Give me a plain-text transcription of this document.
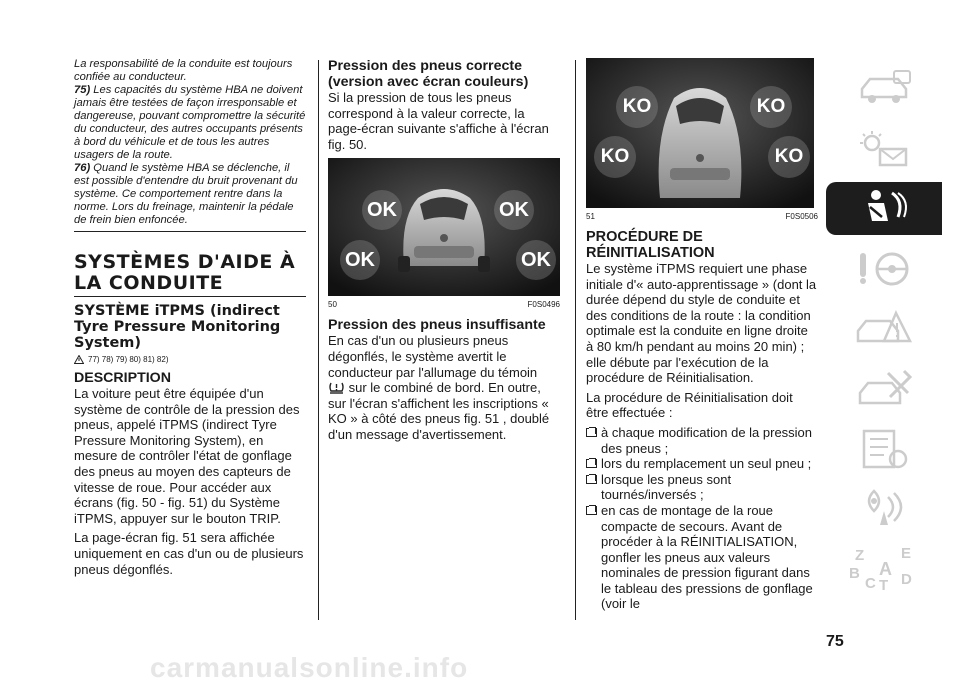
La responsabilité de la conduite est toujours confiée au conducteur.

75) Les capacités du système HBA ne doivent jamais être testées de façon irresponsable et dangereuse, pouvant compromettre la sécurité du conducteur, des autres occupants présents à bord du véhicule et de tous les autres usagers de la route.

76) Quand le système HBA se déclenche, il est possible d'entendre du bruit provenant du système. Ce comportement rentre dans la norme. Lors du freinage, maintenir la pédale de frein bien enfoncée.

SYSTÈMES D'AIDE À LA CONDUITE

SYSTÈME iTPMS (indirect Tyre Pressure Monitoring System)

77) 78) 79) 80) 81) 82)

DESCRIPTION

La voiture peut être équipée d'un système de contrôle de la pression des pneus, appelé iTPMS (indirect Tyre Pressure Monitoring System), en mesure de contrôler l'état de gonflage des pneus au moyen des capteurs de vitesse de roue. Pour accéder aux écrans (fig. 50 - fig. 51) du Système iTPMS, appuyer sur le bouton TRIP.

La page-écran fig. 51 sera affichée uniquement en cas d'un ou de plusieurs pneus dégonflés.

Pression des pneus correcte (version avec écran couleurs)

Si la pression de tous les pneus correspond à la valeur correcte, la page-écran suivante s'affiche à l'écran fig. 50.

OK	OK
OK	OK
50	F0S0496

Pression des pneus insuffisante

En cas d'un ou plusieurs pneus dégonflés, le système avertit le conducteur par l'allumage du témoin
sur le combiné de bord. En outre, sur l'écran s'affichent les inscriptions « KO » à côté des pneus fig. 51 , doublé d'un message d'avertissement.

KO	KO
KO	KO
51	F0S0506

PROCÉDURE DE RÉINITIALISATION

Le système iTPMS requiert une phase initiale d'« auto-apprentissage » (dont la durée dépend du style de conduite et des conditions de la route : la condition optimale est la conduite en ligne droite à 80 km/h pendant au moins 20 min) ; elle débute par l'exécution de la procédure de Réinitialisation.

La procédure de Réinitialisation doit être effectuée :

à chaque modification de la pression des pneus ;
lors du remplacement un seul pneu ;
lorsque les pneus sont tournés/inversés ;
en cas de montage de la roue compacte de secours. Avant de procéder à la RÉINITIALISATION, gonfler les pneus aux valeurs nominales de pression figurant dans le tableau des pressions de gonflage (voir le
Z E
B A
C D
T
75
carmanualsonline.info
